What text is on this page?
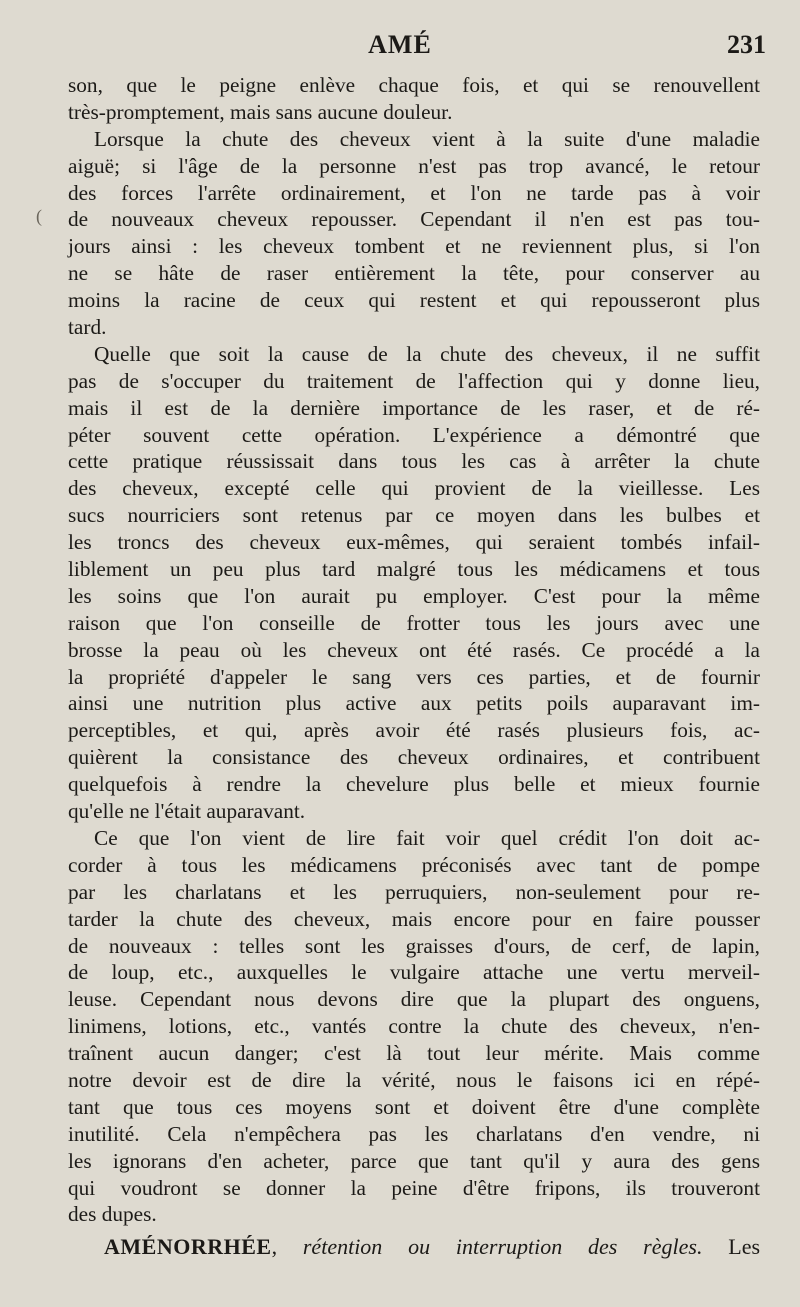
AMÉ	231
(
son, que le peigne enlève chaque fois, et qui se renouvellent
très-promptement, mais sans aucune douleur.
Lorsque la chute des cheveux vient à la suite d'une maladie
aiguë; si l'âge de la personne n'est pas trop avancé, le retour
des forces l'arrête ordinairement, et l'on ne tarde pas à voir
de nouveaux cheveux repousser. Cependant il n'en est pas tou-
jours ainsi : les cheveux tombent et ne reviennent plus, si l'on
ne se hâte de raser entièrement la tête, pour conserver au
moins la racine de ceux qui restent et qui repousseront plus
tard.
Quelle que soit la cause de la chute des cheveux, il ne suffit
pas de s'occuper du traitement de l'affection qui y donne lieu,
mais il est de la dernière importance de les raser, et de ré-
péter souvent cette opération. L'expérience a démontré que
cette pratique réussissait dans tous les cas à arrêter la chute
des cheveux, excepté celle qui provient de la vieillesse. Les
sucs nourriciers sont retenus par ce moyen dans les bulbes et
les troncs des cheveux eux-mêmes, qui seraient tombés infail-
liblement un peu plus tard malgré tous les médicamens et tous
les soins que l'on aurait pu employer. C'est pour la même
raison que l'on conseille de frotter tous les jours avec une
brosse la peau où les cheveux ont été rasés. Ce procédé a la
la propriété d'appeler le sang vers ces parties, et de fournir
ainsi une nutrition plus active aux petits poils auparavant im-
perceptibles, et qui, après avoir été rasés plusieurs fois, ac-
quièrent la consistance des cheveux ordinaires, et contribuent
quelquefois à rendre la chevelure plus belle et mieux fournie
qu'elle ne l'était auparavant.
Ce que l'on vient de lire fait voir quel crédit l'on doit ac-
corder à tous les médicamens préconisés avec tant de pompe
par les charlatans et les perruquiers, non-seulement pour re-
tarder la chute des cheveux, mais encore pour en faire pousser
de nouveaux : telles sont les graisses d'ours, de cerf, de lapin,
de loup, etc., auxquelles le vulgaire attache une vertu merveil-
leuse. Cependant nous devons dire que la plupart des onguens,
linimens, lotions, etc., vantés contre la chute des cheveux, n'en-
traînent aucun danger; c'est là tout leur mérite. Mais comme
notre devoir est de dire la vérité, nous le faisons ici en répé-
tant que tous ces moyens sont et doivent être d'une complète
inutilité. Cela n'empêchera pas les charlatans d'en vendre, ni
les ignorans d'en acheter, parce que tant qu'il y aura des gens
qui voudront se donner la peine d'être fripons, ils trouveront
des dupes.
AMÉNORRHÉE, rétention ou interruption des règles. Les
